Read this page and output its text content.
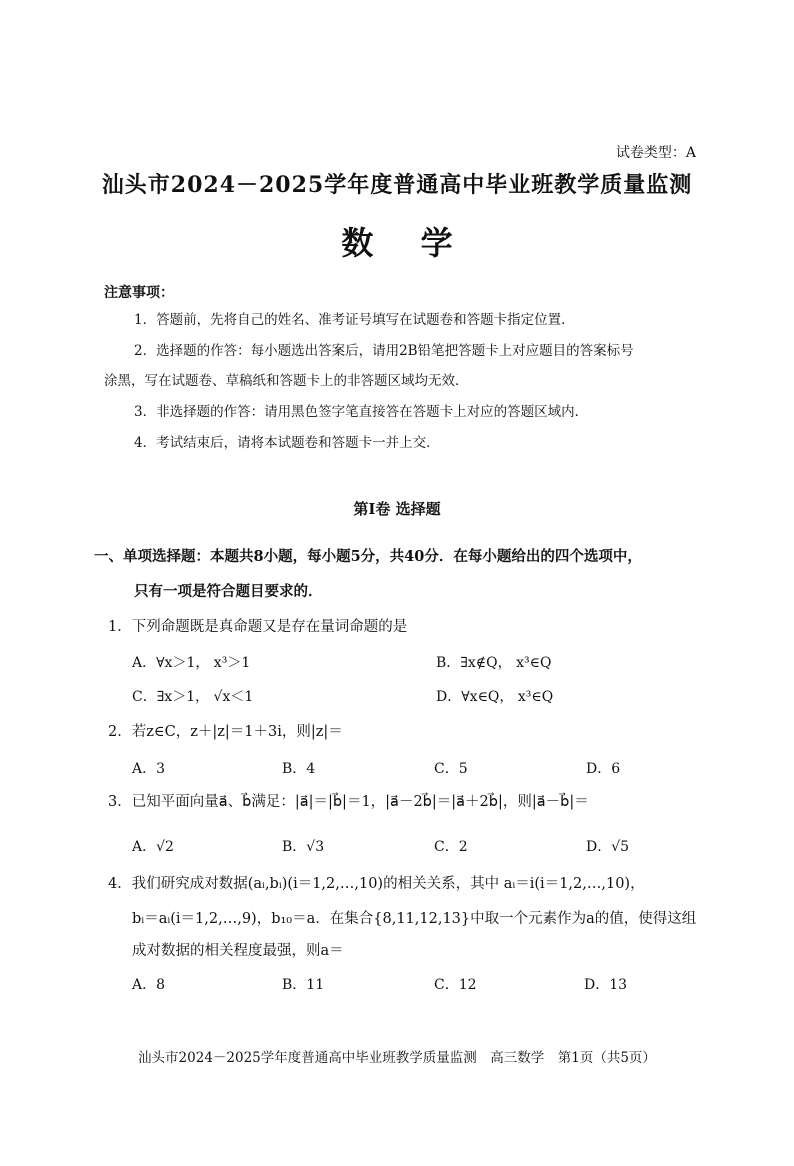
试卷类型：A
汕头市2024－2025学年度普通高中毕业班教学质量监测
数 学
注意事项：
1．答题前，先将自己的姓名、准考证号填写在试题卷和答题卡指定位置．
2．选择题的作答：每小题选出答案后，请用2B铅笔把答题卡上对应题目的答案标号
涂黑，写在试题卷、草稿纸和答题卡上的非答题区域均无效．
3．非选择题的作答：请用黑色签字笔直接答在答题卡上对应的答题区域内．
4．考试结束后，请将本试题卷和答题卡一并上交．
第Ⅰ卷 选择题
一、单项选择题：本题共8小题，每小题5分，共40分．在每小题给出的四个选项中，
只有一项是符合题目要求的．
1．下列命题既是真命题又是存在量词命题的是
A．∀x＞1， x³＞1	B．∃x∉Q， x³∈Q
C．∃x＞1， √x＜1	D．∀x∈Q， x³∈Q
2．若z∈C，z＋|z|＝1＋3i，则|z|＝
A．3	B．4	C．5	D．6
3．已知平面向量a⃗、b⃗满足：|a⃗|＝|b⃗|＝1，|a⃗－2b⃗|＝|a⃗＋2b⃗|，则|a⃗－b⃗|＝
A．√2	B．√3	C．2	D．√5
4．我们研究成对数据(aᵢ,bᵢ)(i＝1,2,…,10)的相关关系，其中 aᵢ＝i(i＝1,2,…,10)，
bᵢ＝aᵢ(i＝1,2,…,9)，b₁₀＝a．在集合{8,11,12,13}中取一个元素作为a的值，使得这组
成对数据的相关程度最强，则a＝
A．8	B．11	C．12	D．13
汕头市2024－2025学年度普通高中毕业班教学质量监测　高三数学　第1页（共5页）
